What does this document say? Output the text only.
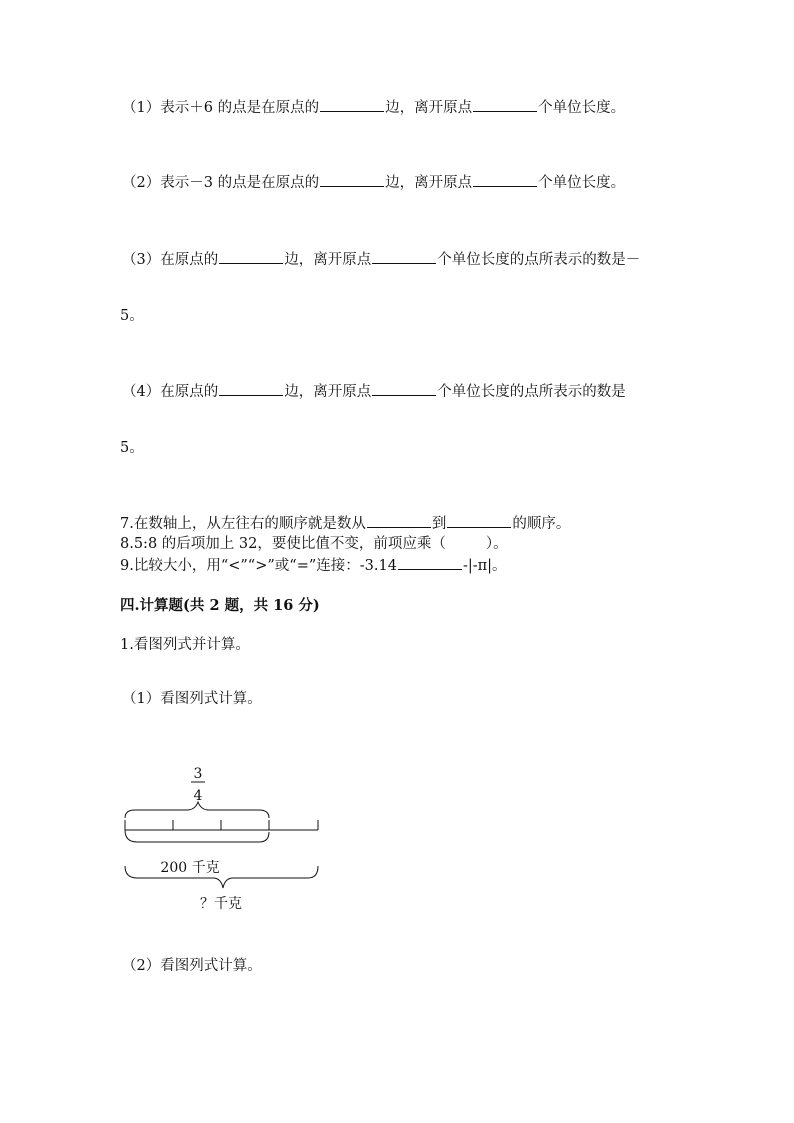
（1）表示＋6 的点是在原点的	边，离开原点	个单位长度。
（2）表示－3 的点是在原点的	边，离开原点	个单位长度。
（3）在原点的	边，离开原点	个单位长度的点所表示的数是－
5。
（4）在原点的	边，离开原点	个单位长度的点所表示的数是
5。
7.在数轴上，从左往右的顺序就是数从	到	的顺序。
8.5:8 的后项加上 32，要使比值不变，前项应乘（	）。
9.比较大小，用“<”“>”或“=”连接：-3.14	-|-π|。
四.计算题(共 2 题，共 16 分)
1.看图列式并计算。
（1）看图列式计算。
3
4
200 千克
？千克
（2）看图列式计算。
